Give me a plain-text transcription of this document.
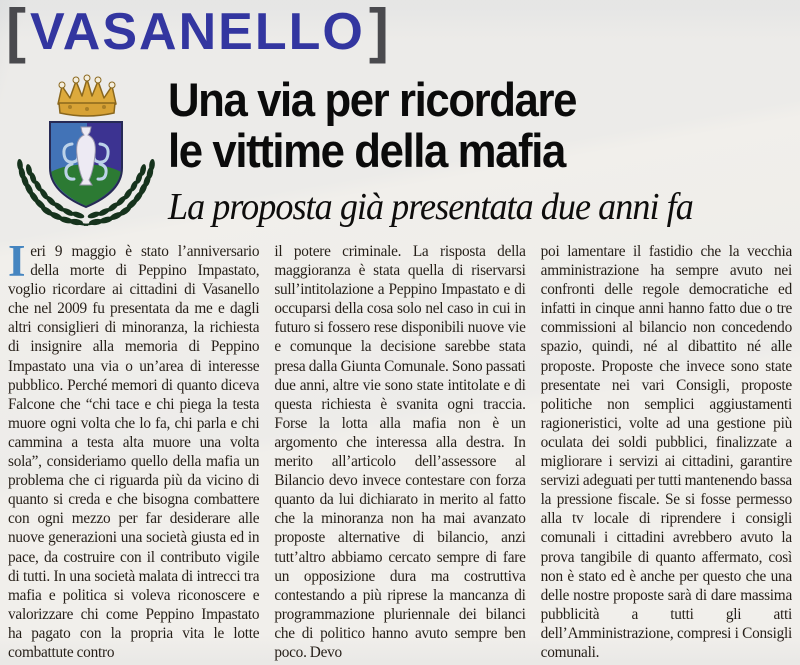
[VASANELLO]
Una via per ricordare
le vittime della mafia
La proposta già presentata due anni fa
Ieri 9 maggio è stato l’anniversario della morte di Peppino Impastato, voglio ricordare ai cittadini di Vasanello che nel 2009 fu presentata da me e dagli altri consiglieri di minoranza, la richiesta di insignire alla memoria di Peppino Impastato una via o un’area di interesse pubblico. Perché memori di quanto diceva Falcone che “chi tace e chi piega la testa muore ogni volta che lo fa, chi parla e chi cammina a testa alta muore una volta sola”, consideriamo quello della mafia un problema che ci riguarda più da vicino di quanto si creda e che bisogna combattere con ogni mezzo per far desiderare alle nuove generazioni una società giusta ed in pace, da costruire con il contributo vigile di tutti. In una società malata di intrecci tra mafia e politica si voleva riconoscere e valorizzare chi come Peppino Impastato ha pagato con la propria vita le lotte combattute contro
il potere criminale. La risposta della maggioranza è stata quella di riservarsi sull’intitolazione a Peppino Impastato e di occuparsi della cosa solo nel caso in cui in futuro si fossero rese disponibili nuove vie e comunque la decisione sarebbe stata presa dalla Giunta Comunale. Sono passati due anni, altre vie sono state intitolate e di questa richiesta è svanita ogni traccia. Forse la lotta alla mafia non è un argomento che interessa alla destra. In merito all’articolo dell’assessore al Bilancio devo invece contestare con forza quanto da lui dichiarato in merito al fatto che la minoranza non ha mai avanzato proposte alternative di bilancio, anzi tutt’altro abbiamo cercato sempre di fare un opposizione dura ma costruttiva contestando a più riprese la mancanza di programmazione pluriennale dei bilanci che di politico hanno avuto sempre ben poco. Devo
poi lamentare il fastidio che la vecchia amministrazione ha sempre avuto nei confronti delle regole democratiche ed infatti in cinque anni hanno fatto due o tre commissioni al bilancio non concedendo spazio, quindi, né al dibattito né alle proposte. Proposte che invece sono state presentate nei vari Consigli, proposte politiche non semplici aggiustamenti ragioneristici, volte ad una gestione più oculata dei soldi pubblici, finalizzate a migliorare i servizi ai cittadini, garantire servizi adeguati per tutti mantenendo bassa la pressione fiscale. Se si fosse permesso alla tv locale di riprendere i consigli comunali i cittadini avrebbero avuto la prova tangibile di quanto affermato, così non è stato ed è anche per questo che una delle nostre proposte sarà di dare massima pubblicità a tutti gli atti dell’Amministrazione, compresi i Consigli comunali.
